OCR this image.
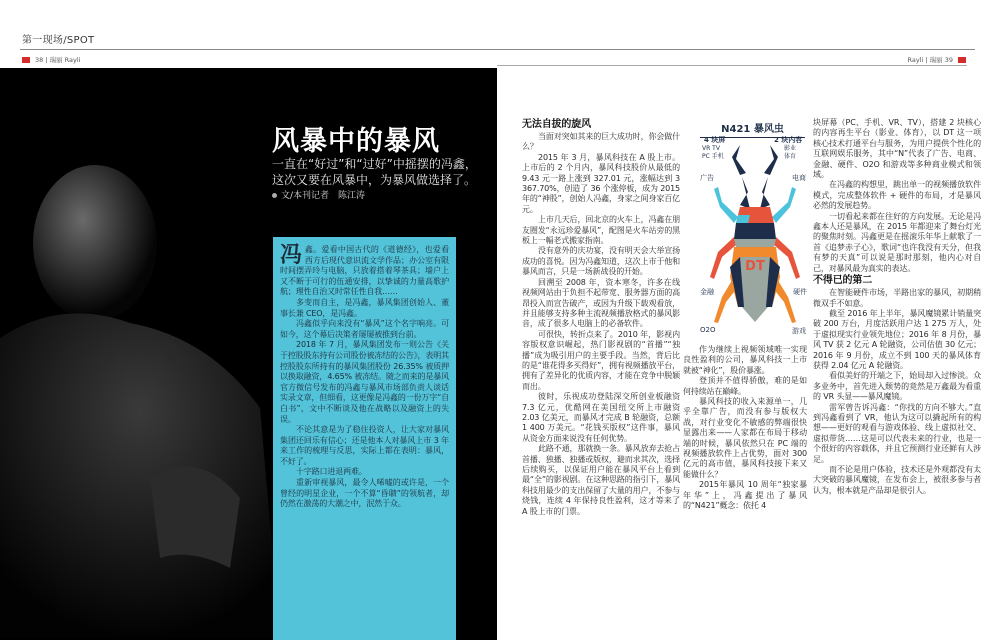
第一现场/SPOT
38 | 瑞丽 Rayli	Rayli | 瑞丽 39
风暴中的暴风
一直在“好过”和“过好”中摇摆的冯鑫，这次又要在风暴中，为暴风做选择了。
文/本刊记者　陈江涛

冯鑫。爱看中国古代的《道德经》，也爱看西方后现代意识流文学作品；办公室有限时间摆弄玲与电脑，只放着搭着琴茶具；墙户上又不断于可行的伍通安排，以挚诚的力量高歌护航；理性自治又时常任性自我……

多变而自主，是冯鑫，暴风集团创始人、董事长兼 CEO，是冯鑫。

冯鑫似乎向来没有“暴风”这个名字响亮。可如今，这个幕后决策者屡屡被推到台前。

2018 年 7 月，暴风集团发布一则公告《关于控股股东持有公司股份被冻结的公告》，表明其控股股东所持有的暴风集团股份 26.35% 被质押以换取融资，4.65% 被冻结。随之而来的是暴风官方微信号发布的冯鑫与暴风市场部负责人谈话实录文章，但细看，这更像是冯鑫的一份万字“自白书”，文中不断谈及他在战略以及融资上的失误。

不论其意是为了稳住投资人，让大家对暴风集团还回乐有信心；还是他本人对暴风上市 3 年来工作的梳理与反思，实际上都在表明：暴风，不好了。

十字路口进退两难。

重新审视暴风，最令人唏嘘的或许是，一个曾经的明星企业，一个不算“昏聩”的领航者，却仍然在激荡的大潮之中，泯然于众。

无法自拔的旋风

当面对突如其来的巨大成功时，你会做什么？

2015 年 3 月，暴风科技在 A 股上市。上市后的 2 个月内，暴风科技股价从最低的 9.43 元一路上涨到 327.01 元，涨幅达到 3 367.70%，创造了 36 个涨停板，成为 2015 年的“神股”，创始人冯鑫，身家之间身家百亿元。

上市几天后，回北京的火车上，冯鑫在朋友圈发“永远珍爱暴风”，配图是火车站旁的黑板上一幅老式搬家指南。

没有意外的庆功宴，没有明天会大举宣扬成功的喜悦。因为冯鑫知道，这次上市于他和暴风而言，只是一场新战役的开始。

回溯至 2008 年，资本寒冬，许多在线视频网站由于负担不起带宽、服务器方面的高昂投入而宣告破产，或因为升级下载观看放，并且能够支持多种主流视频播放格式的暴风影音，成了很多人电脑上的必备软件。

可很快，转折点来了。2010 年，影视内容版权意识崛起，热门影视剧的“首播”“独播”成为吸引用户的主要手段。当然，背后比的是“谁花得多买得好”，拥有视频播放平台，拥有了差异化的优质内容，才能在竞争中脱颖而出。

彼时，乐视成功登陆深交所创业板融资 7.3 亿元，优酷网在美国纽交所上市融资 2.03 亿美元，而暴风才完成 B 轮融资，总额 1 400 万美元。“花钱买版权”这件事，暴风从资金方面来说没有任何优势。

此路不通，那就换一条。暴风放弃去抢占首播、独播、独播或版权，避而求其次，选择后续购买，以保证用户能在暴风平台上看到最“全”的影视剧。在这种思路的指引下，暴风科技用最少的支出保留了大量的用户，不参与烧钱，连续 4 年保持良性盈利，这才等来了 A 股上市的门票。

作为继续上视频领域唯一实现良性盈利的公司，暴风科技一上市就被“神化”，股价暴涨。

登顶并不值得骄傲，难的是如何持续站在巅峰。

暴风科技的收入来源单一，几乎全靠广告，而没有参与版权大战，对行业变化不敏感的弊端很快显露出来——人家都在布局于移动端的时候，暴风依然只在 PC 端的视频播放软件上占优势，面对 300 亿元的高市值，暴风科技接下来又能做什么？

2015年暴风 10 周年“独家暴年华”上，冯鑫提出了暴风的“N421”概念：依托 4

块屏幕（PC、手机、VR、TV），搭建 2 块核心的内容再生平台（影业、体育），以 DT 这一项核心技术打通平台与服务，为用户提供个性化的互联网娱乐服务，其中“N”代表了广告、电商、金融、硬件、O2O 和游戏等多种商业模式和领域。

在冯鑫的构想里，跳出单一的视频播放软件模式，完成整体软件 + 硬件的布局，才是暴风必然的发展趋势。

一切看起来都在往好的方向发展。无论是冯鑫本人还是暴风，在 2015 年都迎来了舞台灯光的聚焦时刻。冯鑫更是在摇滚乐年华上献歌了一首《追梦赤子心》，歌词“也许我没有天分，但我有梦的天真”可以说是那时那刻，他内心对自己，对暴风最为真实的表达。

不得已的第二

在智能硬件市场，半路出家的暴风，初期稍微双手不如意。

截至 2016 年上半年，暴风魔镜累计销量突破 200 万台，月度活跃用户达 1 275 万人，处于虚拟现实行业领先地位；2016 年 8 月份，暴风 TV 获 2 亿元 A 轮融资，公司估值 30 亿元；2016 年 9 月份，成立不到 100 天的暴风体育获得 2.04 亿元 A 轮融资。

看似美好的开端之下，始局却入过惨淡。众多业务中，首先进入颓势的竟然是万鑫最为看重的 VR 头显——暴风魔镜。

雷军曾告诉冯鑫：“你找的方向不够大。”直到冯鑫看到了 VR，他认为这可以撬起所有的构想——更好的观看与游戏体验、线上虚拟社交、虚拟带货……这是可以代表未来的行业，也是一个很好的内容载体，并且它预测行业还鲜有人涉足。

而不论是用户体验，技术还是外观都没有太大突破的暴风魔镜，在发布会上，被很多参与者认为，根本就是产品却是很引人。

N421 暴风虫
DT
4 块屏
VR TV
PC 手机
2 块内容
影业
体育
广告	电商
金融	硬件
O2O	游戏
